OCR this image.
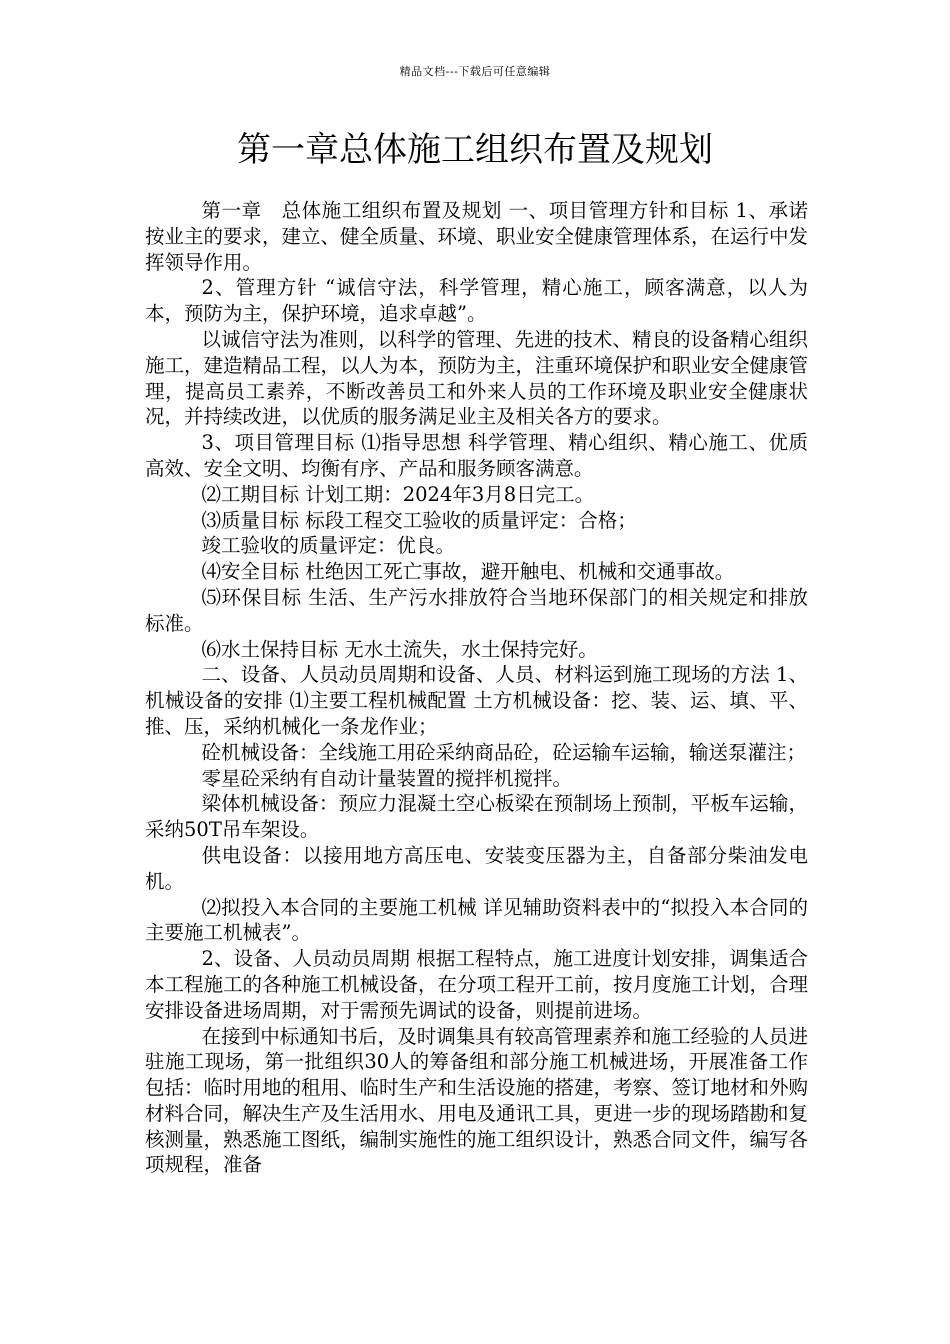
精品文档---下载后可任意编辑
第一章总体施工组织布置及规划

第一章　总体施工组织布置及规划 一、项目管理方针和目标 1、承诺 按业主的要求，建立、健全质量、环境、职业安全健康管理体系，在运行中发挥领导作用。

2、管理方针 “诚信守法，科学管理，精心施工，顾客满意，以人为本，预防为主，保护环境，追求卓越”。

以诚信守法为准则，以科学的管理、先进的技术、精良的设备精心组织施工，建造精品工程，以人为本，预防为主，注重环境保护和职业安全健康管理，提高员工素养，不断改善员工和外来人员的工作环境及职业安全健康状况，并持续改进，以优质的服务满足业主及相关各方的要求。

3、项目管理目标 ⑴指导思想 科学管理、精心组织、精心施工、优质高效、安全文明、均衡有序、产品和服务顾客满意。

⑵工期目标 计划工期：2024年3月8日完工。

⑶质量目标 标段工程交工验收的质量评定：合格；

竣工验收的质量评定：优良。

⑷安全目标 杜绝因工死亡事故，避开触电、机械和交通事故。

⑸环保目标 生活、生产污水排放符合当地环保部门的相关规定和排放标准。

⑹水土保持目标 无水土流失，水土保持完好。

二、设备、人员动员周期和设备、人员、材料运到施工现场的方法 1、机械设备的安排 ⑴主要工程机械配置 土方机械设备：挖、装、运、填、平、推、压，采纳机械化一条龙作业；

砼机械设备：全线施工用砼采纳商品砼，砼运输车运输，输送泵灌注；

零星砼采纳有自动计量装置的搅拌机搅拌。

梁体机械设备：预应力混凝土空心板梁在预制场上预制，平板车运输，采纳50T吊车架设。

供电设备：以接用地方高压电、安装变压器为主，自备部分柴油发电机。

⑵拟投入本合同的主要施工机械 详见辅助资料表中的“拟投入本合同的主要施工机械表”。

2、设备、人员动员周期 根据工程特点，施工进度计划安排，调集适合本工程施工的各种施工机械设备，在分项工程开工前，按月度施工计划，合理安排设备进场周期，对于需预先调试的设备，则提前进场。

在接到中标通知书后，及时调集具有较高管理素养和施工经验的人员进驻施工现场，第一批组织30人的筹备组和部分施工机械进场，开展准备工作包括：临时用地的租用、临时生产和生活设施的搭建，考察、签订地材和外购材料合同，解决生产及生活用水、用电及通讯工具，更进一步的现场踏勘和复核测量，熟悉施工图纸，编制实施性的施工组织设计，熟悉合同文件，编写各项规程，准备
